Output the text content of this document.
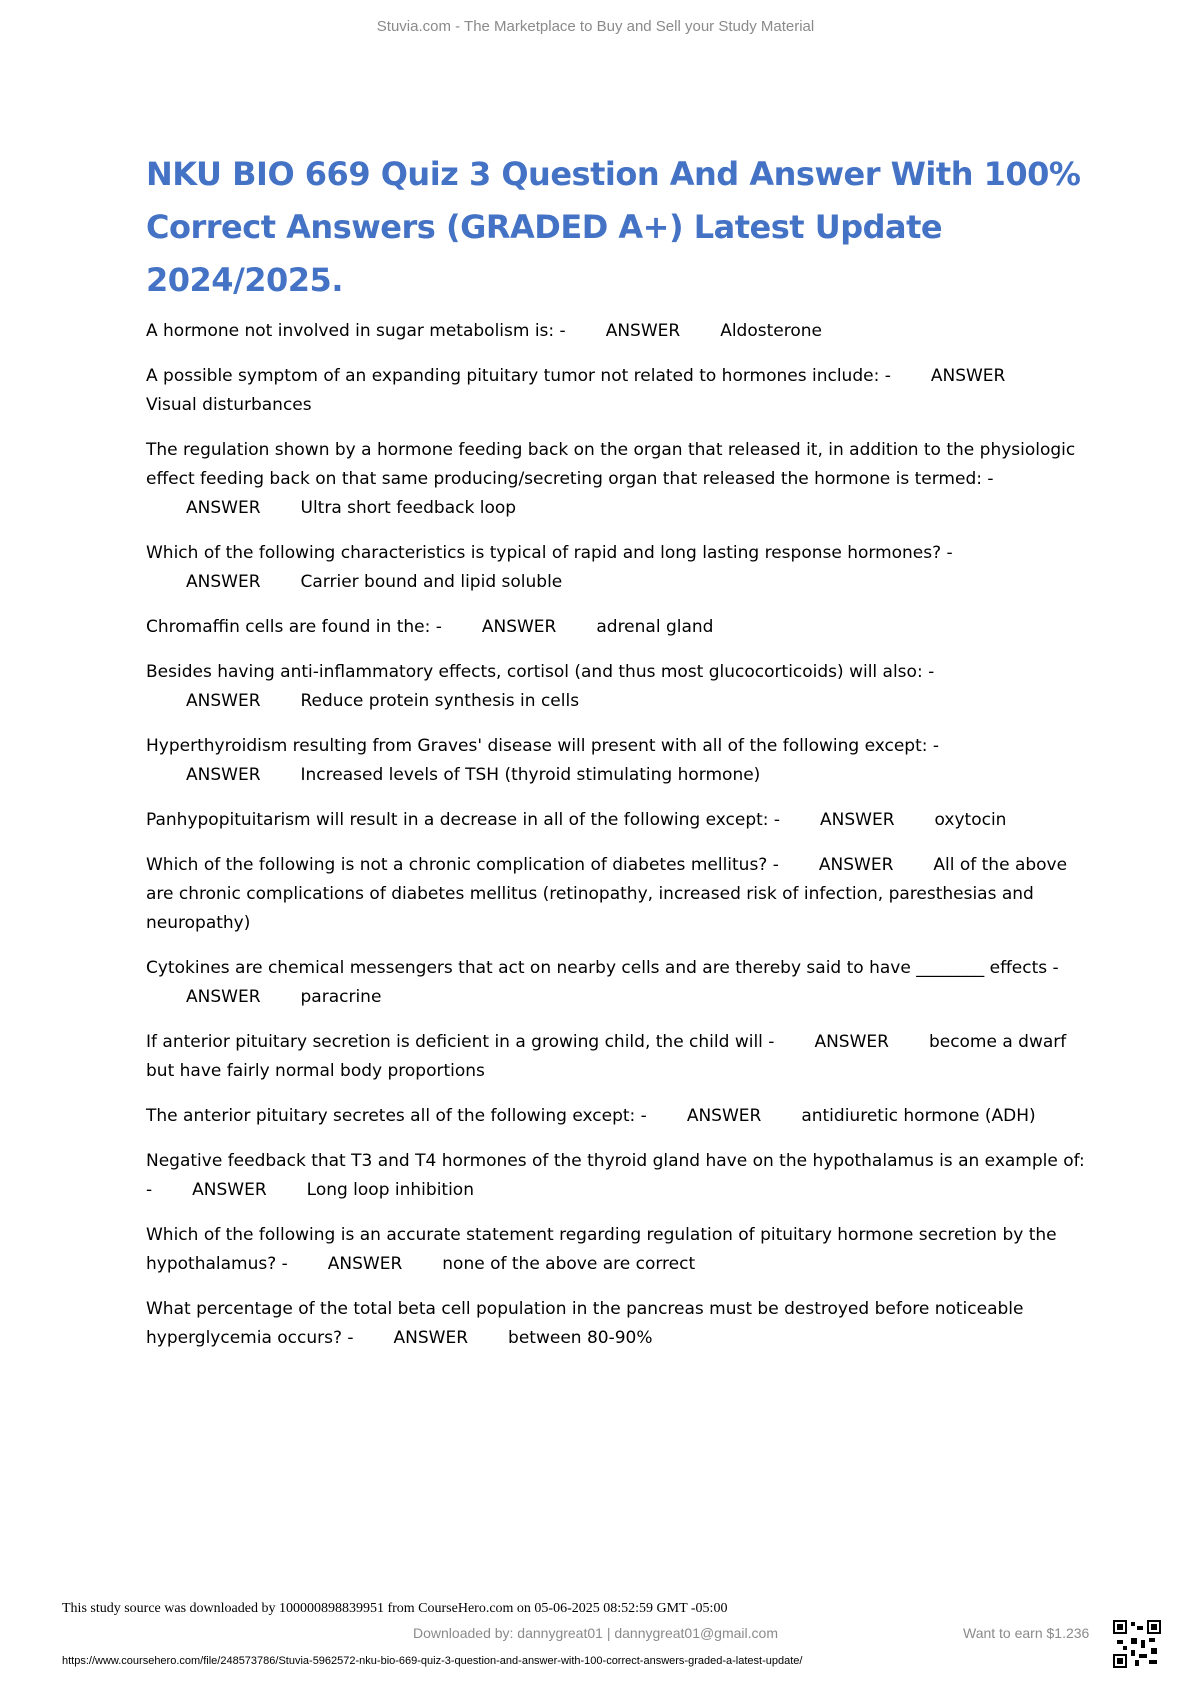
Stuvia.com - The Marketplace to Buy and Sell your Study Material
NKU BIO 669 Quiz 3 Question And Answer With 100% Correct Answers (GRADED A+) Latest Update 2024/2025.

A hormone not involved in sugar metabolism is: - ANSWER Aldosterone

A possible symptom of an expanding pituitary tumor not related to hormones include: - ANSWERVisual disturbances

The regulation shown by a hormone feeding back on the organ that released it, in addition to the physiologic effect feeding back on that same producing/secreting organ that released the hormone is termed: -ANSWER Ultra short feedback loop

Which of the following characteristics is typical of rapid and long lasting response hormones? -ANSWER Carrier bound and lipid soluble

Chromaffin cells are found in the: - ANSWER adrenal gland

Besides having anti-inflammatory effects, cortisol (and thus most glucocorticoids) will also: -ANSWER Reduce protein synthesis in cells

Hyperthyroidism resulting from Graves' disease will present with all of the following except: -ANSWER Increased levels of TSH (thyroid stimulating hormone)

Panhypopituitarism will result in a decrease in all of the following except: - ANSWER oxytocin

Which of the following is not a chronic complication of diabetes mellitus? - ANSWER All of the above are chronic complications of diabetes mellitus (retinopathy, increased risk of infection, paresthesias and neuropathy)

Cytokines are chemical messengers that act on nearby cells and are thereby said to have ________ effects -ANSWER paracrine

If anterior pituitary secretion is deficient in a growing child, the child will - ANSWER become a dwarf but have fairly normal body proportions

The anterior pituitary secretes all of the following except: - ANSWER antidiuretic hormone (ADH)

Negative feedback that T3 and T4 hormones of the thyroid gland have on the hypothalamus is an example of: - ANSWER Long loop inhibition

Which of the following is an accurate statement regarding regulation of pituitary hormone secretion by the hypothalamus? - ANSWER none of the above are correct

What percentage of the total beta cell population in the pancreas must be destroyed before noticeable hyperglycemia occurs? - ANSWER between 80-90%

This study source was downloaded by 100000898839951 from CourseHero.com on 05-06-2025 08:52:59 GMT -05:00
Downloaded by: dannygreat01 | dannygreat01@gmail.com	Want to earn $1.236
https://www.coursehero.com/file/248573786/Stuvia-5962572-nku-bio-669-quiz-3-question-and-answer-with-100-correct-answers-graded-a-latest-update/
